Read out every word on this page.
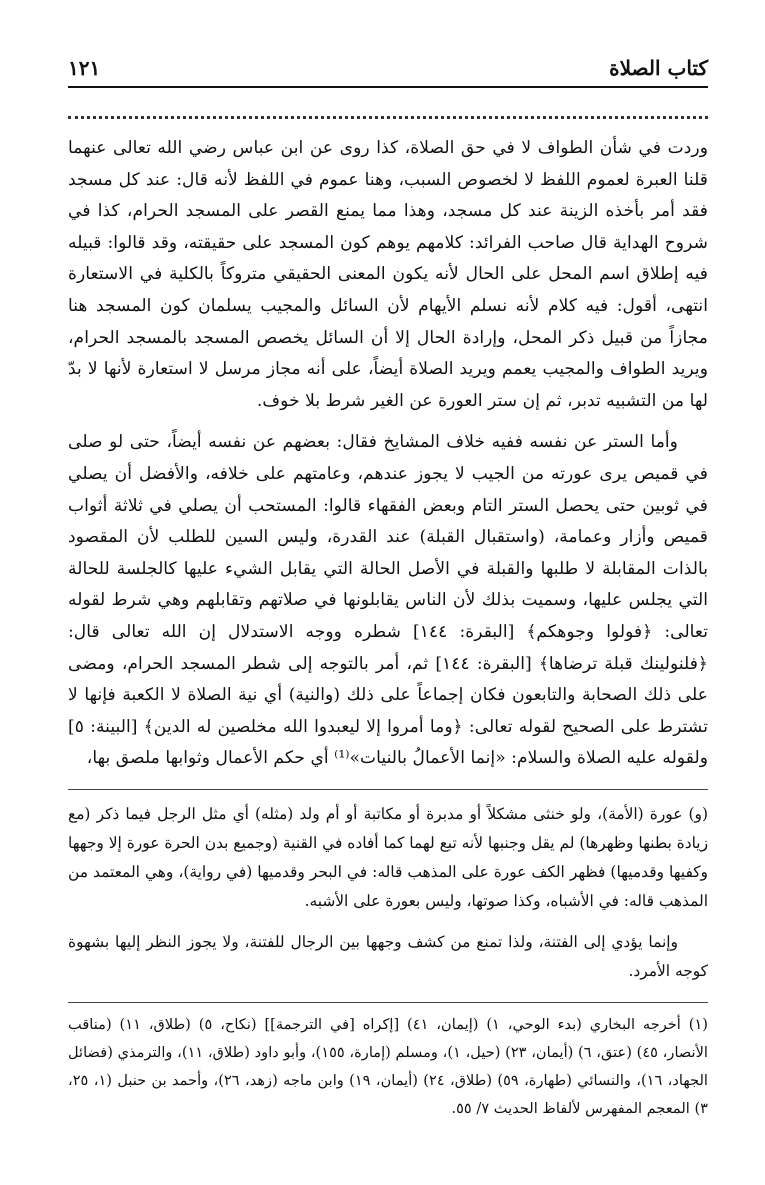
كتاب الصلاة
١٢١

وردت في شأن الطواف لا في حق الصلاة، كذا روى عن ابن عباس رضي الله تعالى عنهما قلنا العبرة لعموم اللفظ لا لخصوص السبب، وهنا عموم في اللفظ لأنه قال: عند كل مسجد فقد أمر بأخذه الزينة عند كل مسجد، وهذا مما يمنع القصر على المسجد الحرام، كذا في شروح الهداية قال صاحب الفرائد: كلامهم يوهم كون المسجد على حقيقته، وقد قالوا: قبيله فيه إطلاق اسم المحل على الحال لأنه يكون المعنى الحقيقي متروكاً بالكلية في الاستعارة انتهى، أقول: فيه كلام لأنه نسلم الأيهام لأن السائل والمجيب يسلمان كون المسجد هنا مجازاً من قبيل ذكر المحل، وإرادة الحال إلا أن السائل يخصص المسجد بالمسجد الحرام، ويريد الطواف والمجيب يعمم ويريد الصلاة أيضاً، على أنه مجاز مرسل لا استعارة لأنها لا بدّ لها من التشبيه تدبر، ثم إن ستر العورة عن الغير شرط بلا خوف.

وأما الستر عن نفسه ففيه خلاف المشايخ فقال: بعضهم عن نفسه أيضاً، حتى لو صلى في قميص يرى عورته من الجيب لا يجوز عندهم، وعامتهم على خلافه، والأفضل أن يصلي في ثوبين حتى يحصل الستر التام وبعض الفقهاء قالوا: المستحب أن يصلي في ثلاثة أثواب قميص وأزار وعمامة، (واستقبال القبلة) عند القدرة، وليس السين للطلب لأن المقصود بالذات المقابلة لا طلبها والقبلة في الأصل الحالة التي يقابل الشيء عليها كالجلسة للحالة التي يجلس عليها، وسميت بذلك لأن الناس يقابلونها في صلاتهم وتقابلهم وهي شرط لقوله تعالى: ﴿فولوا وجوهكم﴾ [البقرة: ١٤٤] شطره ووجه الاستدلال إن الله تعالى قال: ﴿فلنولينك قبلة ترضاها﴾ [البقرة: ١٤٤] ثم، أمر بالتوجه إلى شطر المسجد الحرام، ومضى على ذلك الصحابة والتابعون فكان إجماعاً على ذلك (والنية) أي نية الصلاة لا الكعبة فإنها لا تشترط على الصحيح لقوله تعالى: ﴿وما أمروا إلا ليعبدوا الله مخلصين له الدين﴾ [البينة: ٥] ولقوله عليه الصلاة والسلام: «إنما الأعمالُ بالنيات»⁽¹⁾ أي حكم الأعمال وثوابها ملصق بها،

(و) عورة (الأمة)، ولو خنثى مشكلاً أو مدبرة أو مكاتبة أو أم ولد (مثله) أي مثل الرجل فيما ذكر (مع زيادة بطنها وظهرها) لم يقل وجنبها لأنه تبع لهما كما أفاده في القنية (وجميع بدن الحرة عورة إلا وجهها وكفيها وقدميها) فظهر الكف عورة على المذهب قاله: في البحر وقدميها (في رواية)، وهي المعتمد من المذهب قاله: في الأشباه، وكذا صوتها، وليس بعورة على الأشبه.

وإنما يؤدي إلى الفتنة، ولذا تمنع من كشف وجهها بين الرجال للفتنة، ولا يجوز النظر إليها بشهوة كوجه الأمرد.

(١) أخرجه البخاري (بدء الوحي، ١) (إيمان، ٤١) [إكراه [في الترجمة]] (نكاح، ٥) (طلاق، ١١) (مناقب الأنصار، ٤٥) (عتق، ٦) (أيمان، ٢٣) (حيل، ١)، ومسلم (إمارة، ١٥٥)، وأبو داود (طلاق، ١١)، والترمذي (فضائل الجهاد، ١٦)، والنسائي (طهارة، ٥٩) (طلاق، ٢٤) (أيمان، ١٩) وابن ماجه (زهد، ٢٦)، وأحمد بن حنبل (١، ٢٥، ٣) المعجم المفهرس لألفاظ الحديث ٧/ ٥٥.
